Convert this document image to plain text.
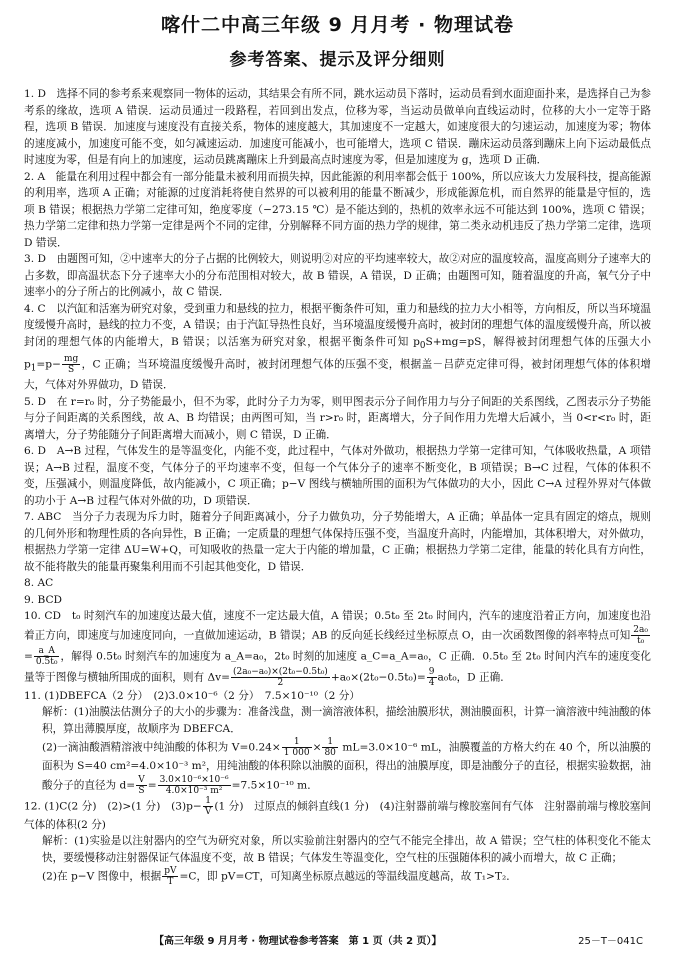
喀什二中高三年级 9 月月考 · 物理试卷
参考答案、提示及评分细则

1. D　选择不同的参考系来观察同一物体的运动，其结果会有所不同，跳水运动员下落时，运动员看到水面迎面扑来，是选择自己为参考系的缘故，选项 A 错误．运动员通过一段路程，若回到出发点，位移为零，当运动员做单向直线运动时，位移的大小一定等于路程，选项 B 错误．加速度与速度没有直接关系，物体的速度越大，其加速度不一定越大，如速度很大的匀速运动，加速度为零；物体的速度减小，加速度可能不变，如匀减速运动．加速度可能减小，也可能增大，选项 C 错误．蹦床运动员落到蹦床上向下运动最低点时速度为零，但是有向上的加速度，运动员跳离蹦床上升到最高点时速度为零，但是加速度为 g，选项 D 正确．

2. A　能量在利用过程中都会有一部分能量未被利用而损失掉，因此能源的利用率都会低于 100%，所以应该大力发展科技，提高能源的利用率，选项 A 正确；对能源的过度消耗将使自然界的可以被利用的能量不断减少，形成能源危机，而自然界的能量是守恒的，选项 B 错误；根据热力学第二定律可知，绝度零度（−273.15 ℃）是不能达到的，热机的效率永远不可能达到 100%，选项 C 错误；热力学第二定律和热力学第一定律是两个不同的定律，分别解释不同方面的热力学的规律，第二类永动机违反了热力学第二定律，选项 D 错误．

3. D　由题图可知，②中速率大的分子占据的比例较大，则说明②对应的平均速率较大，故②对应的温度较高，温度高则分子速率大的占多数，即高温状态下分子速率大小的分布范围相对较大，故 B 错误，A 错误，D 正确；由题图可知，随着温度的升高，氧气分子中速率小的分子所占的比例减小，故 C 错误．

4. C　以汽缸和活塞为研究对象，受到重力和悬线的拉力，根据平衡条件可知，重力和悬线的拉力大小相等，方向相反，所以当环境温度缓慢升高时，悬线的拉力不变，A 错误；由于汽缸导热性良好，当环境温度缓慢升高时，被封闭的理想气体的温度缓慢升高，所以被封闭的理想气体的内能增大，B 错误；以活塞为研究对象，根据平衡条件可知 $p_0S+mg=pS$，解得被封闭理想气体的压强大小 $p_1=p- \frac{mg}{S}$ ，C 正确；当环境温度缓慢升高时，被封闭理想气体的压强不变，根据盖－吕萨克定律可得，被封闭理想气体的体积增大，气体对外界做功，D 错误．

5. D　在 r=r₀ 时，分子势能最小，但不为零，此时分子力为零，则甲图表示分子间作用力与分子间距的关系图线，乙图表示分子势能与分子间距离的关系图线，故 A、B 均错误；由两图可知，当 r>r₀ 时，距离增大，分子间作用力先增大后减小，当 0<r<r₀ 时，距离增大，分子势能随分子间距离增大而减小，则 C 错误，D 正确．

6. D　A→B 过程，气体发生的是等温变化，内能不变，此过程中，气体对外做功，根据热力学第一定律可知，气体吸收热量，A 项错误；A→B 过程，温度不变，气体分子的平均速率不变，但每一个气体分子的速率不断变化，B 项错误；B→C 过程，气体的体积不变，压强减小，则温度降低，故内能减小，C 项正确；p−V 图线与横轴所围的面积为气体做功的大小，因此 C→A 过程外界对气体做的功小于 A→B 过程气体对外做的功，D 项错误．

7. ABC　当分子力表现为斥力时，随着分子间距离减小，分子力做负功，分子势能增大，A 正确；单晶体一定具有固定的熔点，规则的几何外形和物理性质的各向异性，B 正确；一定质量的理想气体保持压强不变，当温度升高时，内能增加，其体积增大，对外做功，根据热力学第一定律 ΔU=W+Q，可知吸收的热量一定大于内能的增加量，C 正确；根据热力学第二定律，能量的转化具有方向性，故不能将散失的能量再聚集利用而不引起其他变化，D 错误．

8. AC

9. BCD

10. CD　t₀ 时刻汽车的加速度达最大值，速度不一定达最大值，A 错误；0.5t₀ 至 2t₀ 时间内，汽车的速度沿着正方向，加速度也沿着正方向，即速度与加速度同向，一直做加速运动，B 错误；AB 的反向延长线经过坐标原点 O，由一次函数图像的斜率特点可知 $\frac{\text{2a₀}}{\text{t₀}}$
= $\frac{a\_A}{\text{0.5t₀}}$ ，解得 0.5t₀ 时刻汽车的加速度为 a_A=a₀，2t₀ 时刻的加速度 a_C=a_A=a₀，C 正确．0.5t₀ 至 2t₀ 时间内汽车的速度变化量等于图像与横轴所围成的面积，则有 $\Delta v= \frac{\text{(2a₀−a₀)×(2t₀−0.5t₀)}}{2} +a_0\times(2t_0-0.5t_0)= \frac{9}{4} a_0t_0$，D 正确．

11. (1)DBEFCA（2 分）　(2)3.0×10⁻⁶（2 分）　7.5×10⁻¹⁰（2 分）

解析：(1)油膜法估测分子的大小的步骤为：准备浅盘，测一滴溶液体积，描绘油膜形状，测油膜面积，计算一滴溶液中纯油酸的体积，算出薄膜厚度，故顺序为 DBEFCA．

(2)一滴油酸酒精溶液中纯油酸的体积为 $V=0.24\times \frac{1}{1 000} \times \frac{1}{80} mL=3.0\times 10^{-6}$ mL，油膜覆盖的方格大约在 40 个，所以油膜的面积为 S=40 cm²=4.0×10⁻³ m²，用纯油酸的体积除以油膜的面积，得出的油膜厚度，即是油酸分子的直径，根据实验数据，油酸分子的直径为 $d= \frac{V}{S} = \frac{\text{3.0×10⁻⁶×10⁻⁶}}{\text{4.0×10⁻³ m²}} =7.5\times 10^{-10}$ m．

12. (1)C(2 分)　(2)>(1 分)　$(3)p- \frac{1}{V} (1$ 分)　过原点的倾斜直线(1 分)　(4)注射器前端与橡胶塞间有气体　注射器前端与橡胶塞间气体的体积(2 分)

解析：(1)实验是以注射器内的空气为研究对象，所以实验前注射器内的空气不能完全排出，故 A 错误；空气柱的体积变化不能太快，要缓慢移动注射器保证气体温度不变，故 B 错误；气体发生等温变化，空气柱的压强随体积的减小而增大，故 C 正确；

(2)在 p−V 图像中，根据 $\frac{pV}{T} =C$，即 pV=CT，可知离坐标原点越远的等温线温度越高，故 T₁>T₂．

【高三年级 9 月月考 · 物理试卷参考答案　第 1 页（共 2 页）】	25－T－041C
